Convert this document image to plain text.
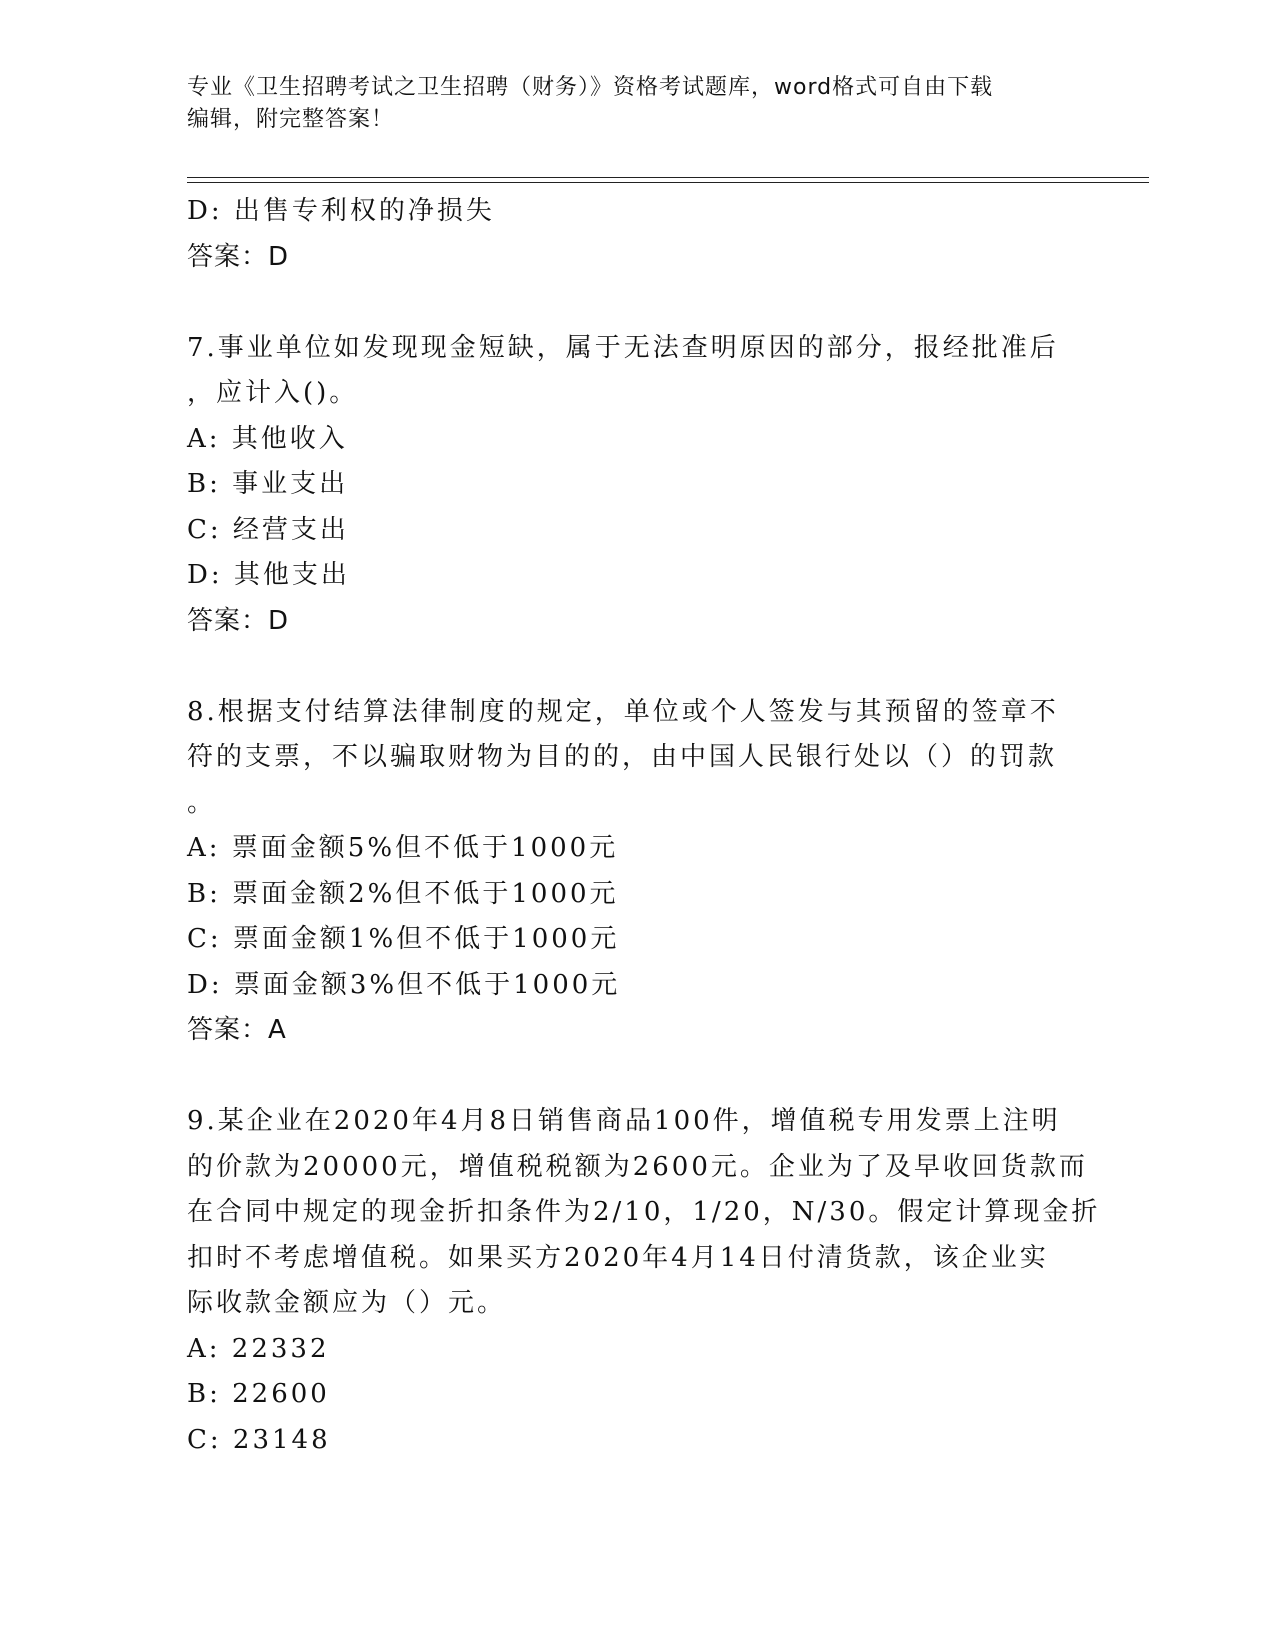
专业《卫生招聘考试之卫生招聘（财务）》资格考试题库，word格式可自由下载
编辑，附完整答案！
D: 出售专利权的净损失
答案：D
7.事业单位如发现现金短缺，属于无法查明原因的部分，报经批准后
，应计入()。
A: 其他收入
B: 事业支出
C: 经营支出
D: 其他支出
答案：D
8.根据支付结算法律制度的规定，单位或个人签发与其预留的签章不
符的支票，不以骗取财物为目的的，由中国人民银行处以（）的罚款
。
A: 票面金额5%但不低于1000元
B: 票面金额2%但不低于1000元
C: 票面金额1%但不低于1000元
D: 票面金额3%但不低于1000元
答案：A
9.某企业在2020年4月8日销售商品100件，增值税专用发票上注明
的价款为20000元，增值税税额为2600元。企业为了及早收回货款而
在合同中规定的现金折扣条件为2/10，1/20，N/30。假定计算现金折
扣时不考虑增值税。如果买方2020年4月14日付清货款，该企业实
际收款金额应为（）元。
A: 22332
B: 22600
C: 23148
